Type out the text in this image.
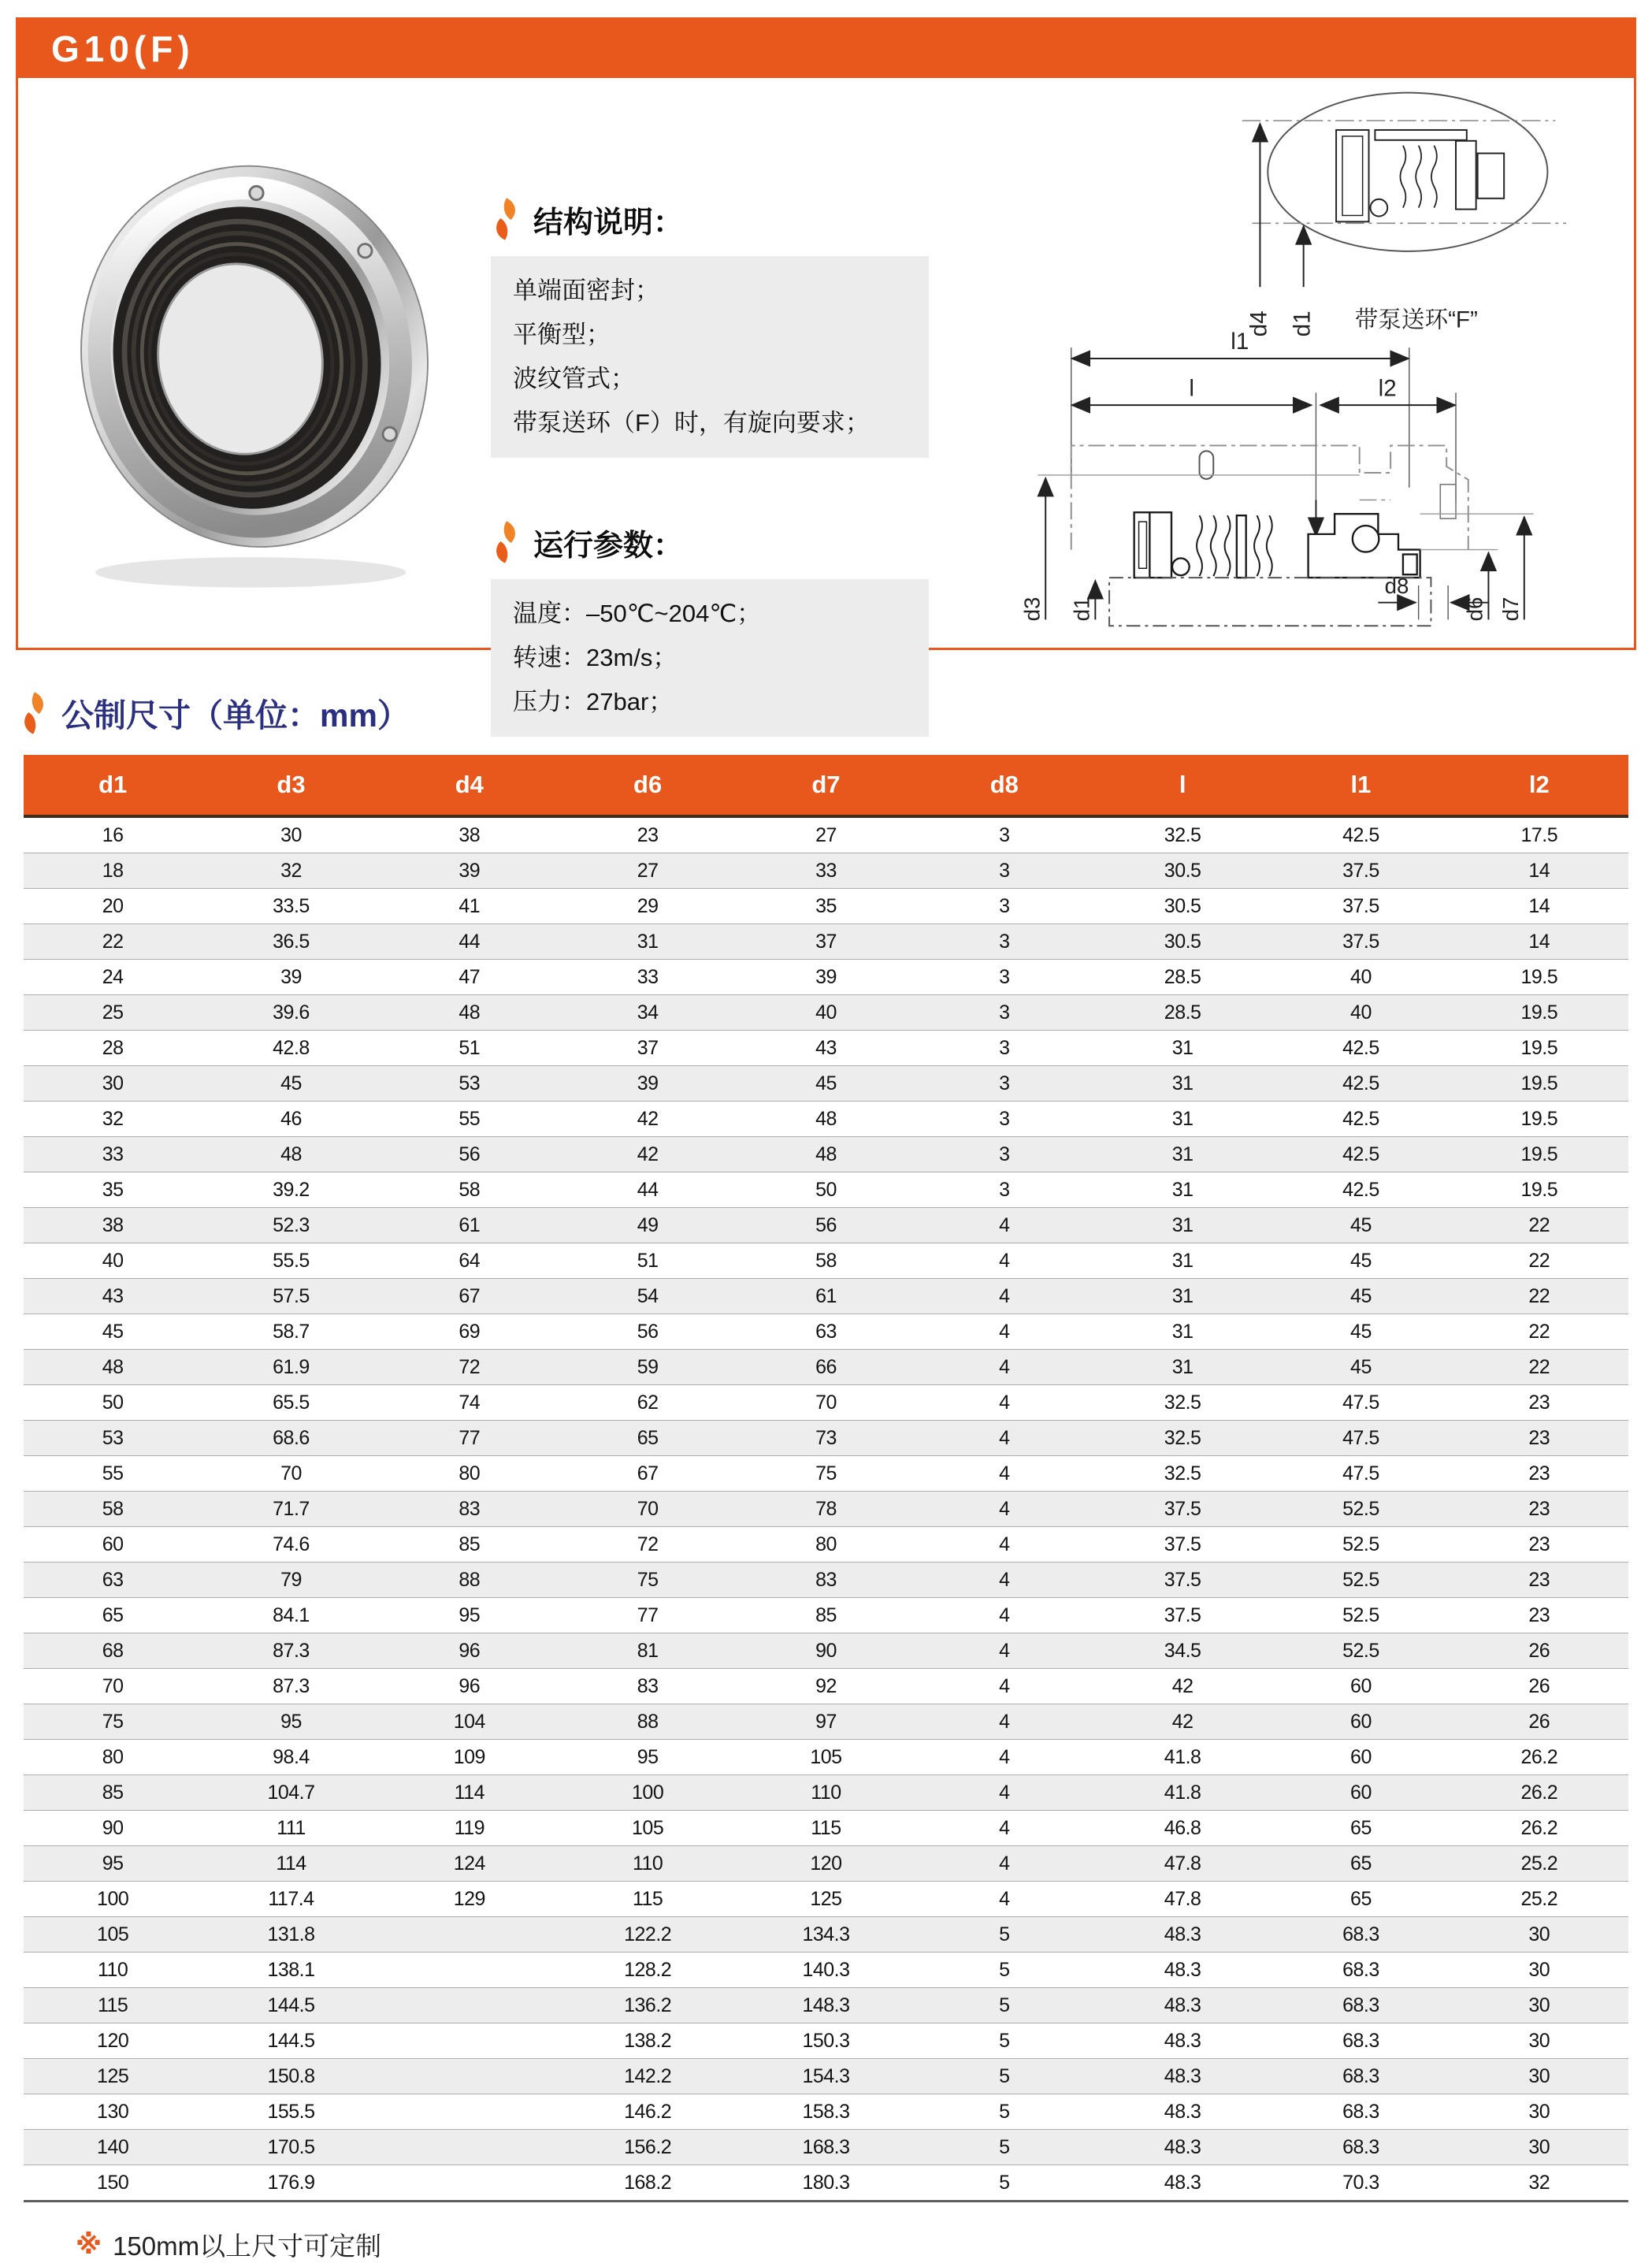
G10(F)
结构说明：
单端面密封；
平衡型；
波纹管式；
带泵送环（F）时，有旋向要求；
运行参数：
温度：–50℃~204℃；
转速：23m/s；
压力：27bar；
d4 d1 带泵送环“F”
l1
l	l2
d8
d3 d1	d6 d7
公制尺寸（单位：mm）
d1	d3	d4	d6	d7	d8	l	l1	l2
16	30	38	23	27	3	32.5	42.5	17.5
18	32	39	27	33	3	30.5	37.5	14
20	33.5	41	29	35	3	30.5	37.5	14
22	36.5	44	31	37	3	30.5	37.5	14
24	39	47	33	39	3	28.5	40	19.5
25	39.6	48	34	40	3	28.5	40	19.5
28	42.8	51	37	43	3	31	42.5	19.5
30	45	53	39	45	3	31	42.5	19.5
32	46	55	42	48	3	31	42.5	19.5
33	48	56	42	48	3	31	42.5	19.5
35	39.2	58	44	50	3	31	42.5	19.5
38	52.3	61	49	56	4	31	45	22
40	55.5	64	51	58	4	31	45	22
43	57.5	67	54	61	4	31	45	22
45	58.7	69	56	63	4	31	45	22
48	61.9	72	59	66	4	31	45	22
50	65.5	74	62	70	4	32.5	47.5	23
53	68.6	77	65	73	4	32.5	47.5	23
55	70	80	67	75	4	32.5	47.5	23
58	71.7	83	70	78	4	37.5	52.5	23
60	74.6	85	72	80	4	37.5	52.5	23
63	79	88	75	83	4	37.5	52.5	23
65	84.1	95	77	85	4	37.5	52.5	23
68	87.3	96	81	90	4	34.5	52.5	26
70	87.3	96	83	92	4	42	60	26
75	95	104	88	97	4	42	60	26
80	98.4	109	95	105	4	41.8	60	26.2
85	104.7	114	100	110	4	41.8	60	26.2
90	111	119	105	115	4	46.8	65	26.2
95	114	124	110	120	4	47.8	65	25.2
100	117.4	129	115	125	4	47.8	65	25.2
105	131.8		122.2	134.3	5	48.3	68.3	30
110	138.1		128.2	140.3	5	48.3	68.3	30
115	144.5		136.2	148.3	5	48.3	68.3	30
120	144.5		138.2	150.3	5	48.3	68.3	30
125	150.8		142.2	154.3	5	48.3	68.3	30
130	155.5		146.2	158.3	5	48.3	68.3	30
140	170.5		156.2	168.3	5	48.3	68.3	30
150	176.9		168.2	180.3	5	48.3	70.3	32
※ 150mm以上尺寸可定制
